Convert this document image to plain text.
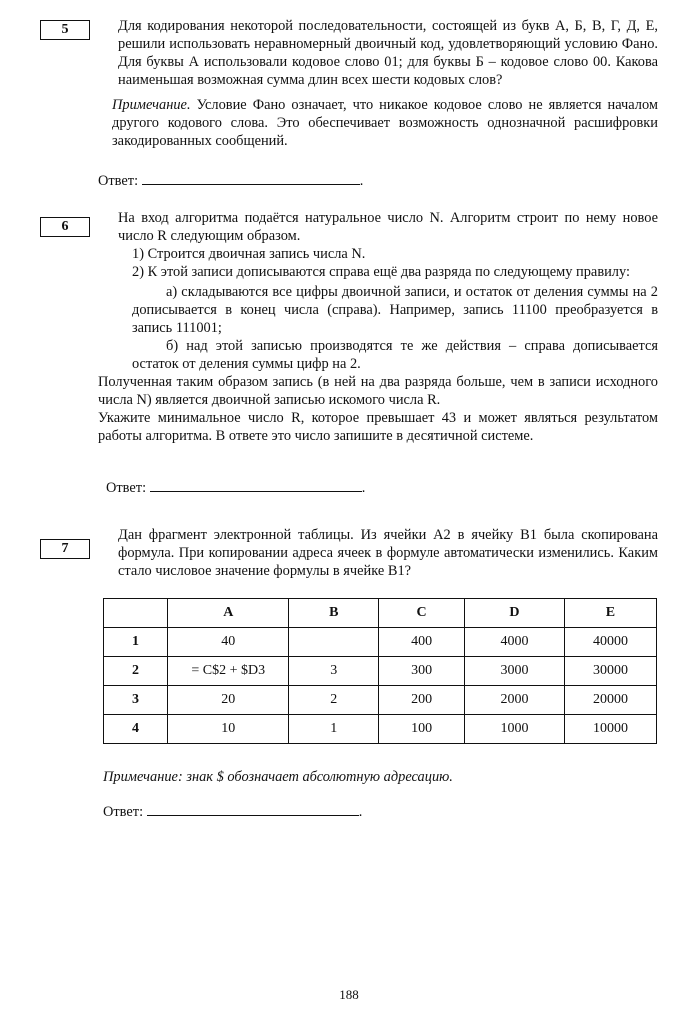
5	Для кодирования некоторой последовательности, состоящей из букв А, Б, В, Г, Д, Е, решили использовать неравномерный двоичный код, удовлетворяющий условию Фано. Для буквы А использовали кодовое слово 01; для буквы Б – кодовое слово 00. Какова наименьшая возможная сумма длин всех шести кодовых слов?

Примечание. Условие Фано означает, что никакое кодовое слово не является началом другого кодового слова. Это обеспечивает возможность однозначной расшифровки закодированных сообщений.

Ответ:	.
6

На вход алгоритма подаётся натуральное число N. Алгоритм строит по нему новое число R следующим образом.

1) Строится двоичная запись числа N.

2) К этой записи дописываются справа ещё два разряда по следующему правилу:

а) складываются все цифры двоичной записи, и остаток от деления суммы на 2 дописывается в конец числа (справа). Например, запись 11100 преобразуется в запись 111001;

б) над этой записью производятся те же действия – справа дописывается остаток от деления суммы цифр на 2.

Полученная таким образом запись (в ней на два разряда больше, чем в записи исходного числа N) является двоичной записью искомого числа R.

Укажите минимальное число R, которое превышает 43 и может являться результатом работы алгоритма. В ответе это число запишите в десятичной системе.

Ответ:	.
7

Дан фрагмент электронной таблицы. Из ячейки A2 в ячейку B1 была скопирована формула. При копировании адреса ячеек в формуле автоматически изменились. Каким стало числовое значение формулы в ячейке B1?

	A	B	C	D	E
1	40		400	4000	40000
2	= C$2 + $D3	3	300	3000	30000
3	20	2	200	2000	20000
4	10	1	100	1000	10000
Примечание: знак $ обозначает абсолютную адресацию.
Ответ:	.
188
